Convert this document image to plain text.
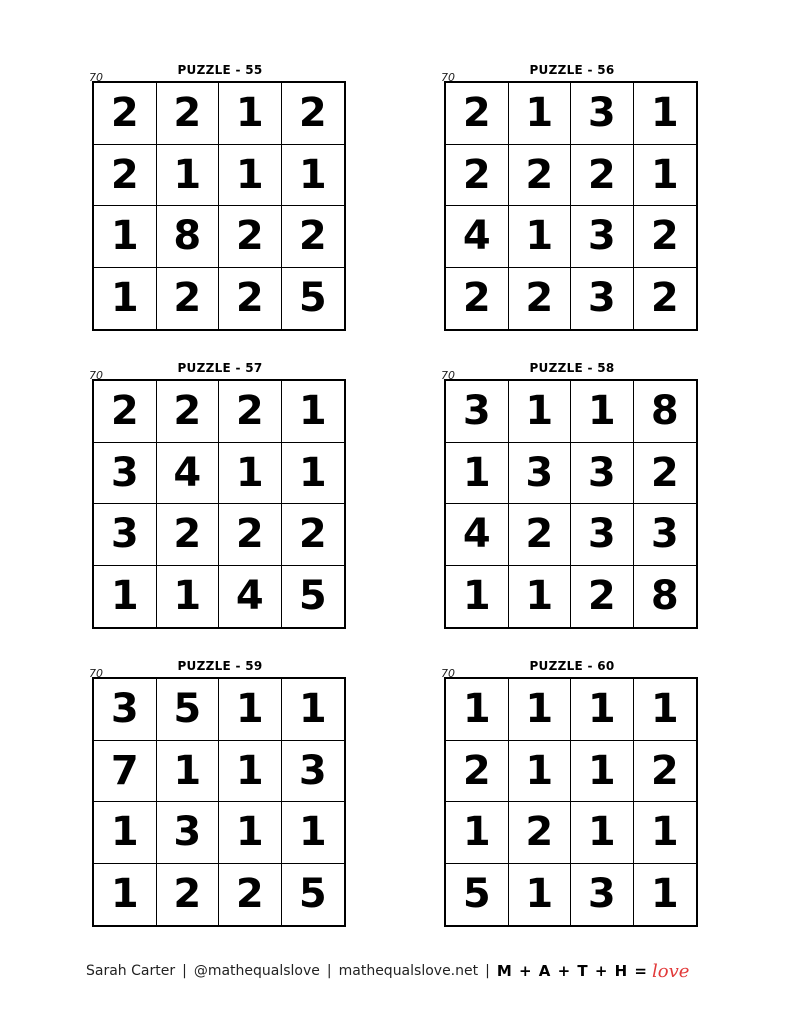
PUZZLE - 55
70
2 2 1 2
2 1 1 1
1 8 2 2
1 2 2 5
PUZZLE - 56
70
2 1 3 1
2 2 2 1
4 1 3 2
2 2 3 2
PUZZLE - 57
70
2 2 2 1
3 4 1 1
3 2 2 2
1 1 4 5
PUZZLE - 58
70
3 1 1 8
1 3 3 2
4 2 3 3
1 1 2 8
PUZZLE - 59
70
3 5 1 1
7 1 1 3
1 3 1 1
1 2 2 5
PUZZLE - 60
70
1 1 1 1
2 1 1 2
1 2 1 1
5 1 3 1
Sarah Carter | @mathequalslove | mathequalslove.net | M + A + T + H = love
